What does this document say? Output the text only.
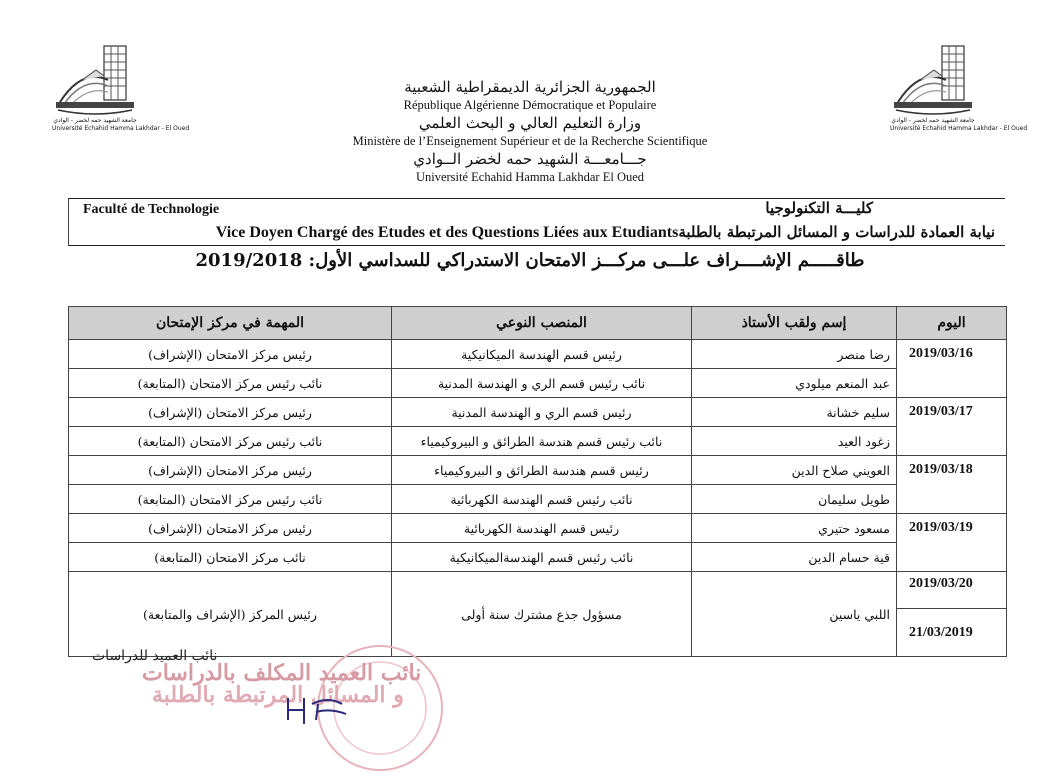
جامعة الشهيد حمه لخضر - الوادي
Université Echahid Hamma Lakhdar - El Oued
جامعة الشهيد حمه لخضر - الوادي
Université Echahid Hamma Lakhdar - El Oued
الجمهورية الجزائرية الديمقراطية الشعبية
République Algérienne Démocratique et Populaire
وزارة التعليم العالي و البحث العلمي
Ministère de l’Enseignement Supérieur et de la Recherche Scientifique
جـــامعـــة الشهيد حمه لخضر الــوادي
Université Echahid Hamma Lakhdar El Oued
Faculté de Technologie	كليـــة التكنولوجيا
Vice Doyen Chargé des Etudes et des Questions Liées aux Etudiantsنيابة العمادة للدراسات و المسائل المرتبطة بالطلبة
طاقـــــم الإشــــراف علـــى مركـــز الامتحان الاستدراكي للسداسي الأول: 2019/2018
اليوم	إسم ولقب الأستاذ	المنصب النوعي	المهمة في مركز الإمتحان
2019/03/16	رضا منصر	رئيس قسم الهندسة الميكانيكية	رئيس مركز الامتحان (الإشراف)
	عبد المنعم ميلودي	نائب رئيس قسم الري و الهندسة المدنية	نائب رئيس مركز الامتحان (المتابعة)
2019/03/17	سليم خشانة	رئيس قسم الري و الهندسة المدنية	رئيس مركز الامتحان (الإشراف)
	زغود العيد	نائب رئيس قسم هندسة الطرائق و البيروكيمياء	نائب رئيس مركز الامتحان (المتابعة)
2019/03/18	العويني صلاح الدين	رئيس قسم هندسة الطرائق و البيروكيمياء	رئيس مركز الامتحان (الإشراف)
	طويل سليمان	نائب رئيس قسم الهندسة الكهربائية	نائب رئيس مركز الامتحان (المتابعة)
2019/03/19	مسعود حتيري	رئيس قسم الهندسة الكهربائية	رئيس مركز الامتحان (الإشراف)
	قية حسام الدين	نائب رئيس قسم الهندسةالميكانيكية	نائب مركز الامتحان (المتابعة)
2019/03/20	اللبي ياسين	مسؤول جذع مشترك سنة أولى	رئيس المركز (الإشراف والمتابعة)
21/03/2019			
نائب العميد للدراسات
نائب العميد المكلف بالدراسات
و المسائل المرتبطة بالطلبة
